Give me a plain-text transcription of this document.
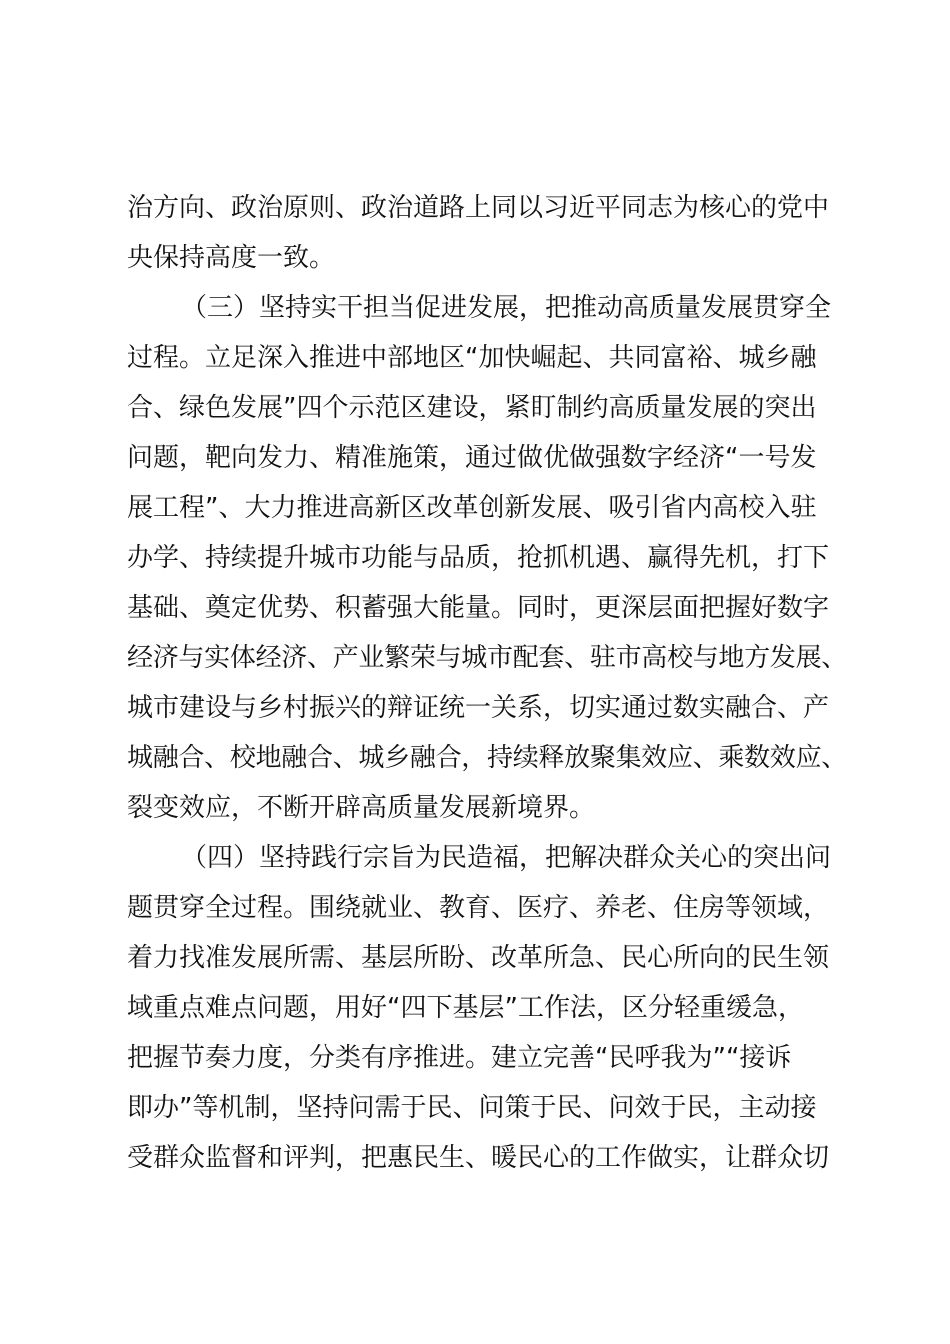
治方向、政治原则、政治道路上同以习近平同志为核心的党中
央保持高度一致。
（三）坚持实干担当促进发展，把推动高质量发展贯穿全
过程。立足深入推进中部地区“加快崛起、共同富裕、城乡融
合、绿色发展”四个示范区建设，紧盯制约高质量发展的突出
问题，靶向发力、精准施策，通过做优做强数字经济“一号发
展工程”、大力推进高新区改革创新发展、吸引省内高校入驻
办学、持续提升城市功能与品质，抢抓机遇、赢得先机，打下
基础、奠定优势、积蓄强大能量。同时，更深层面把握好数字
经济与实体经济、产业繁荣与城市配套、驻市高校与地方发展、
城市建设与乡村振兴的辩证统一关系，切实通过数实融合、产
城融合、校地融合、城乡融合，持续释放聚集效应、乘数效应、
裂变效应，不断开辟高质量发展新境界。
（四）坚持践行宗旨为民造福，把解决群众关心的突出问
题贯穿全过程。围绕就业、教育、医疗、养老、住房等领域，
着力找准发展所需、基层所盼、改革所急、民心所向的民生领
域重点难点问题，用好“四下基层”工作法，区分轻重缓急，
把握节奏力度，分类有序推进。建立完善“民呼我为”“接诉
即办”等机制，坚持问需于民、问策于民、问效于民，主动接
受群众监督和评判，把惠民生、暖民心的工作做实，让群众切
